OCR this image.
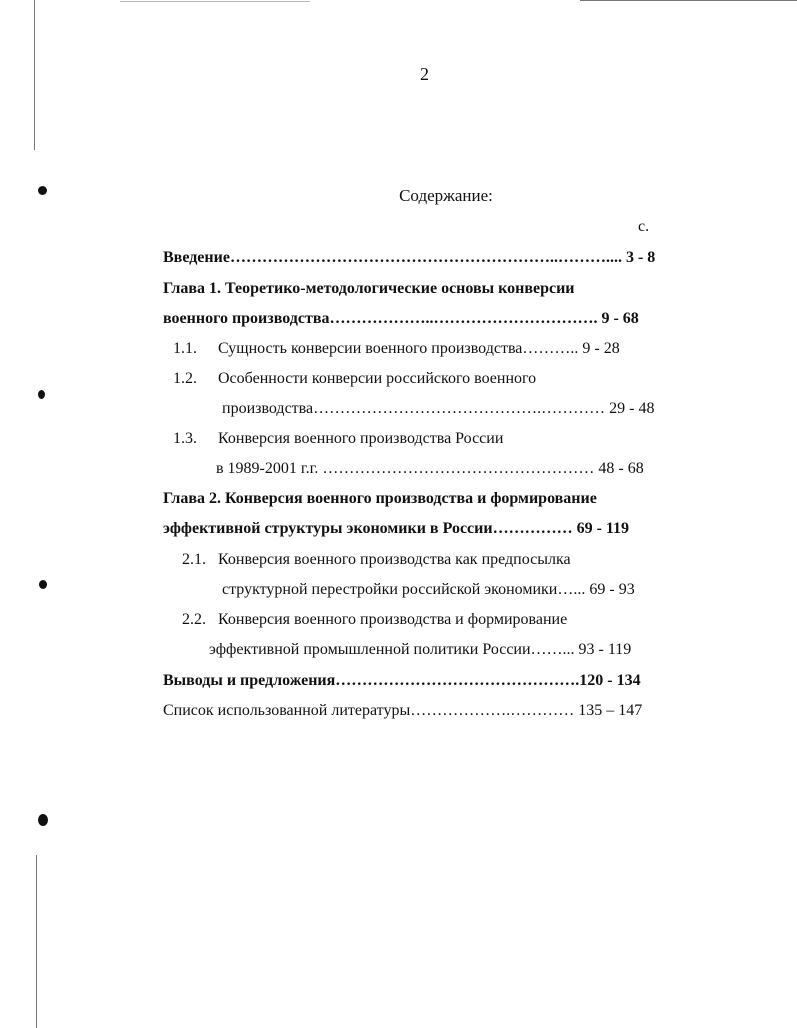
2
Содержание:
с.
Введение……………………………………………………..……….... 3 - 8
Глава 1. Теоретико-методологические основы конверсии
военного производства………………..…………………………. 9 - 68
1.1. Сущность конверсии военного производства……….. 9 - 28
1.2. Особенности конверсии российского военного
производства…………………………………….………… 29 - 48
1.3. Конверсия военного производства России
в 1989-2001 г.г. …………………………………………… 48 - 68
Глава 2. Конверсия военного производства и формирование
эффективной структуры экономики в России…………… 69 - 119
2.1. Конверсия военного производства как предпосылка
структурной перестройки российской экономики…... 69 - 93
2.2. Конверсия военного производства и формирование
эффективной промышленной политики России……... 93 - 119
Выводы и предложения……………………………………….120 - 134
Список использованной литературы……………….………… 135 – 147
